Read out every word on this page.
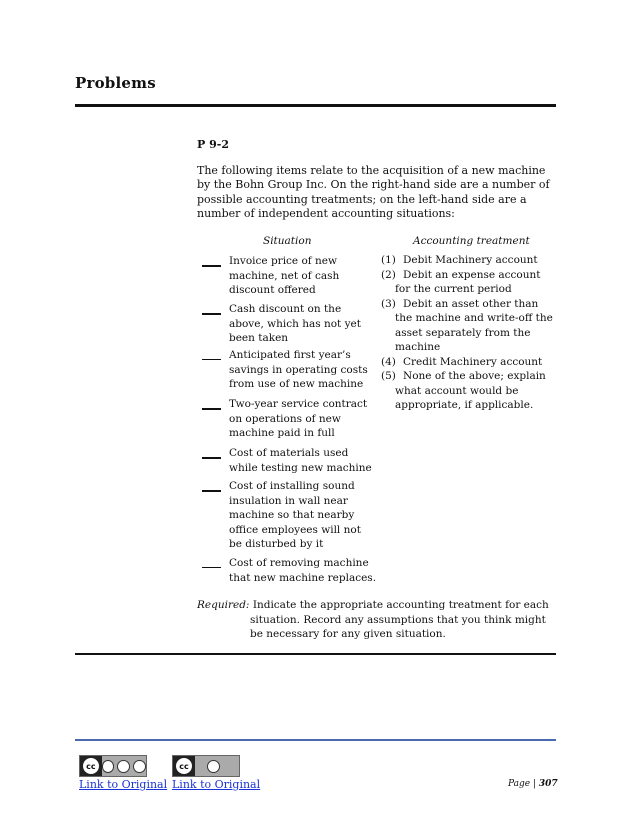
Problems
P 9-2
The following items relate to the acquisition of a new machine by the Bohn Group Inc. On the right-hand side are a number of possible accounting treatments; on the left-hand side are a number of independent accounting situations:
Situation	Accounting treatment
Invoice price of new
machine, net of cash
discount offered
Cash discount on the
above, which has not yet
been taken
Anticipated first year’s
savings in operating costs
from use of new machine
Two-year service contract
on operations of new
machine paid in full
Cost of materials used
while testing new machine
Cost of installing sound
insulation in wall near
machine so that nearby
office employees will not
be disturbed by it
Cost of removing machine
that new machine replaces.
(1) Debit Machinery account
(2) Debit an expense account
for the current period
(3) Debit an asset other than
the machine and write-off the
asset separately from the
machine
(4) Credit Machinery account
(5) None of the above; explain
what account would be
appropriate, if applicable.
Required: Indicate the appropriate accounting treatment for each
situation. Record any assumptions that you think might
be necessary for any given situation.
cc	cc
Link to Original Link to Original	Page | 307
